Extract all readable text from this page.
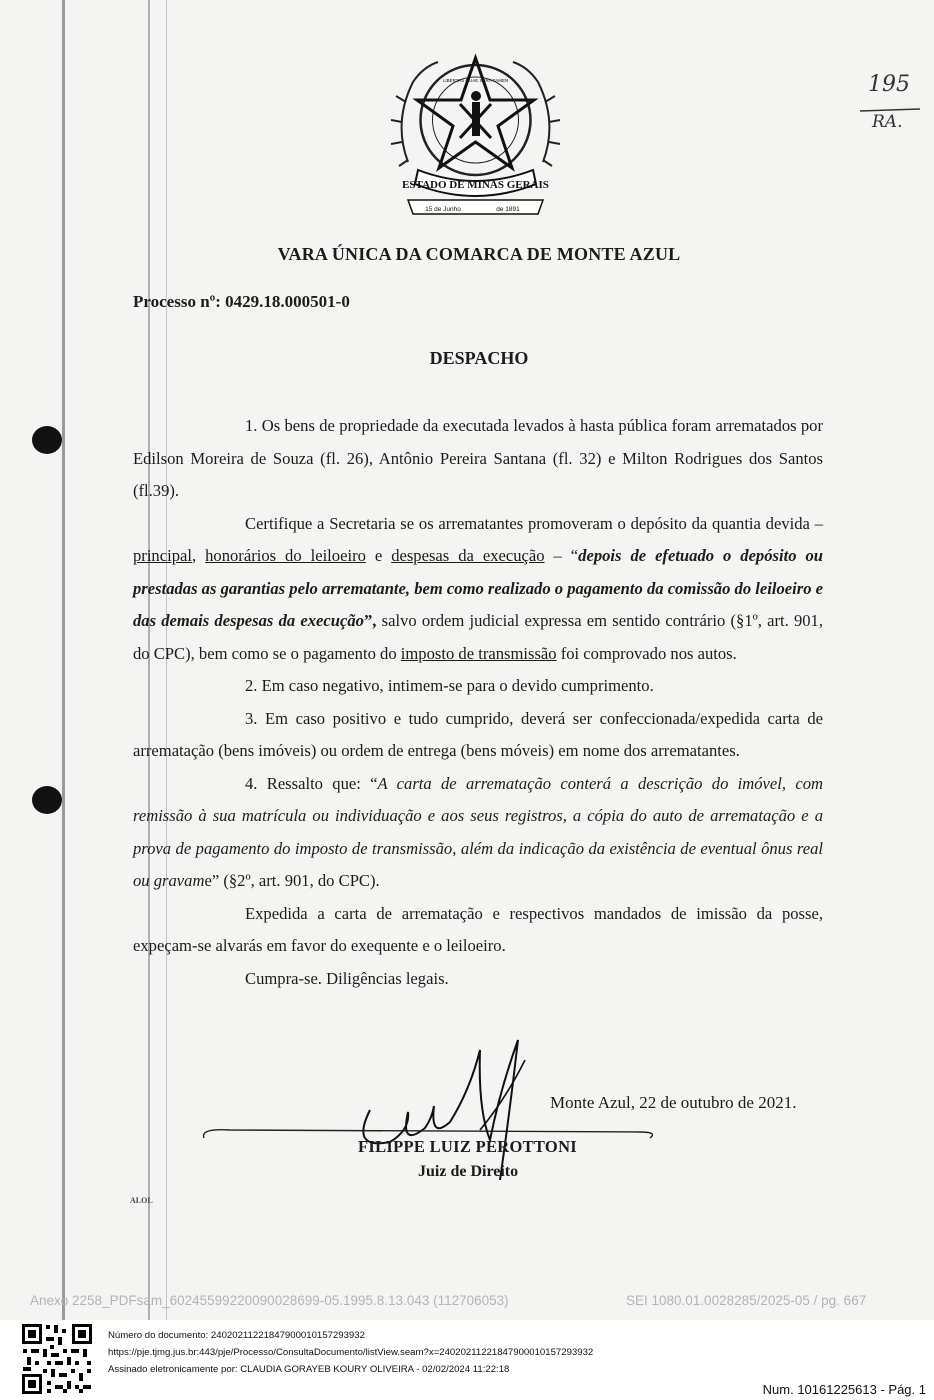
ESTADO DE MINAS GERAIS
LIBERTAS QUAE SERA TAMEN
15 de Junho	de 1891
195
RA.
VARA ÚNICA DA COMARCA DE MONTE AZUL
Processo nº: 0429.18.000501-0
DESPACHO

1. Os bens de propriedade da executada levados à hasta pública foram arrematados por Edilson Moreira de Souza (fl. 26), Antônio Pereira Santana (fl. 32) e Milton Rodrigues dos Santos (fl.39).

Certifique a Secretaria se os arrematantes promoveram o depósito da quantia devida – principal, honorários do leiloeiro e despesas da execução – “depois de efetuado o depósito ou prestadas as garantias pelo arrematante, bem como realizado o pagamento da comissão do leiloeiro e das demais despesas da execução”, salvo ordem judicial expressa em sentido contrário (§1º, art. 901, do CPC), bem como se o pagamento do imposto de transmissão foi comprovado nos autos.

2. Em caso negativo, intimem-se para o devido cumprimento.

3. Em caso positivo e tudo cumprido, deverá ser confeccionada/expedida carta de arrematação (bens imóveis) ou ordem de entrega (bens móveis) em nome dos arrematantes.

4. Ressalto que: “A carta de arrematação conterá a descrição do imóvel, com remissão à sua matrícula ou individuação e aos seus registros, a cópia do auto de arrematação e a prova de pagamento do imposto de transmissão, além da indicação da existência de eventual ônus real ou gravame” (§2º, art. 901, do CPC).

Expedida a carta de arrematação e respectivos mandados de imissão da posse, expeçam-se alvarás em favor do exequente e o leiloeiro.

Cumpra-se. Diligências legais.

Monte Azul, 22 de outubro de 2021.
FILIPPE LUIZ PEROTTONI
Juiz de Direito
ALOL
Anexo 2258_PDFsam_60245599220090028699-05.1995.8.13.043 (112706053)	SEI 1080.01.0028285/2025-05 / pg. 667
Número do documento: 24020211221847900010157293932
https://pje.tjmg.jus.br:443/pje/Processo/ConsultaDocumento/listView.seam?x=24020211221847900010157293932
Assinado eletronicamente por: CLAUDIA GORAYEB KOURY OLIVEIRA - 02/02/2024 11:22:18
Num. 10161225613 - Pág. 1
